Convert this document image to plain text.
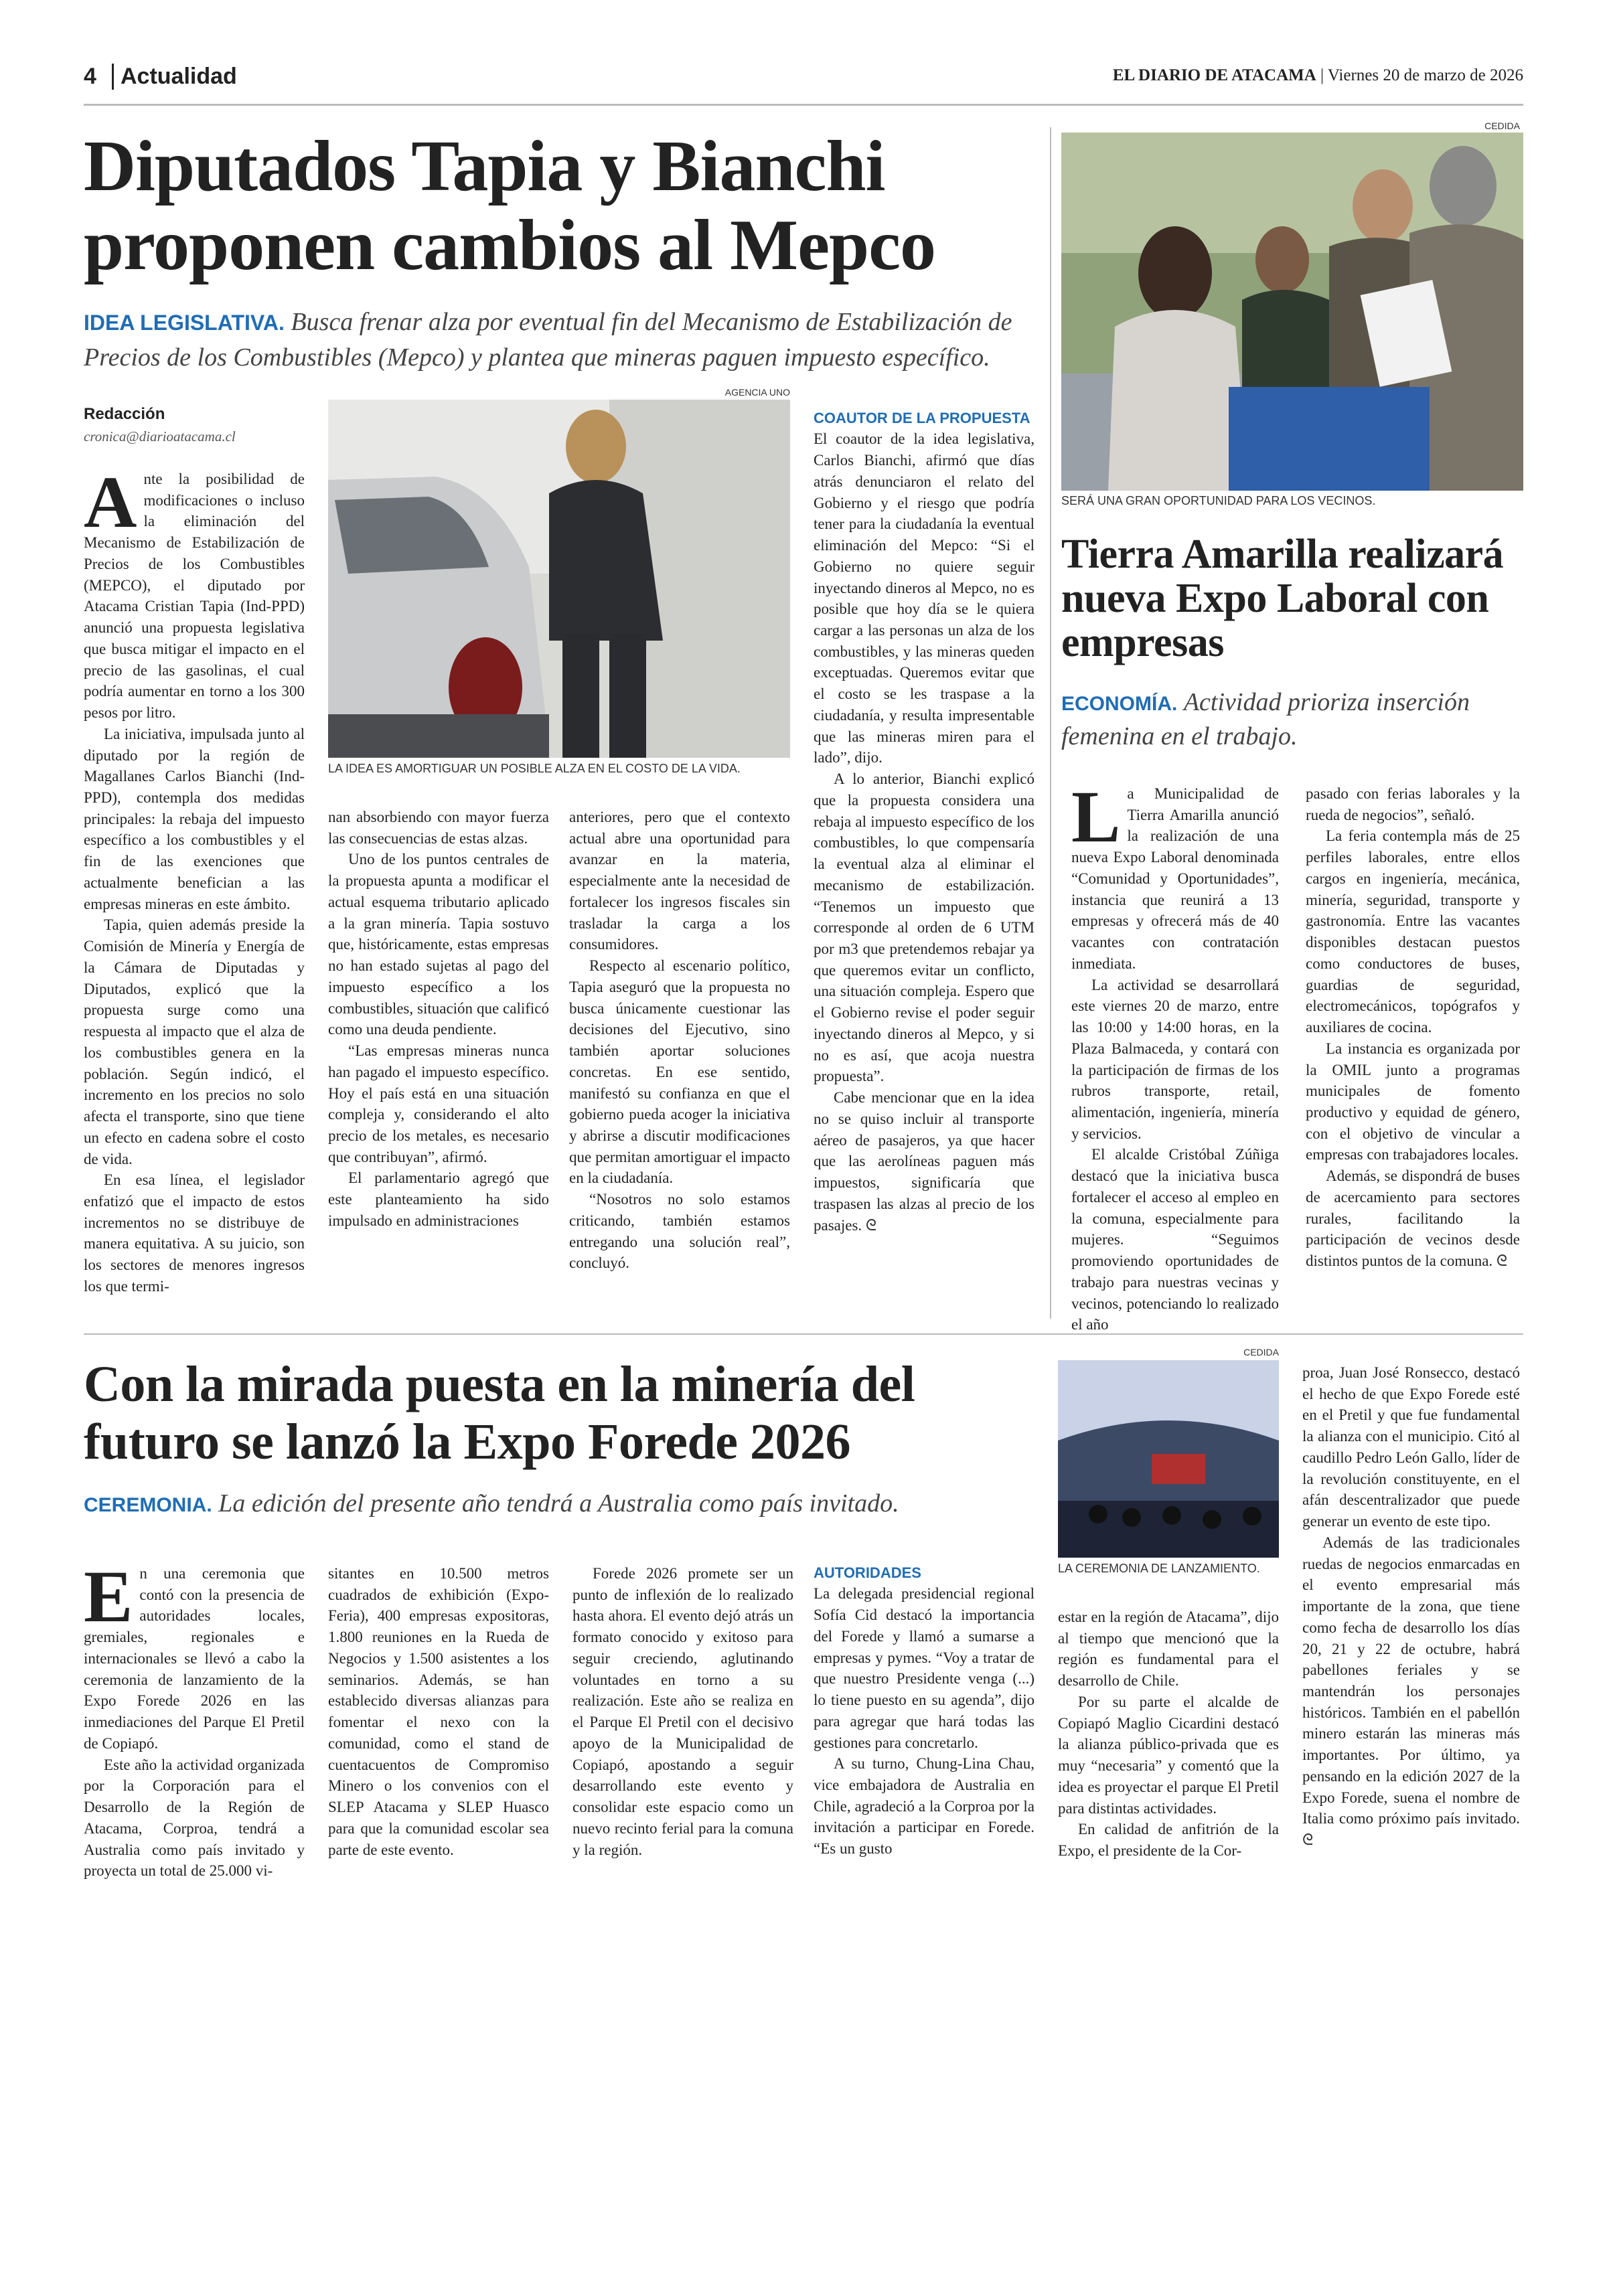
4	Actualidad	EL DIARIO DE ATACAMA | Viernes 20 de marzo de 2026
Diputados Tapia y Bianchi
proponen cambios al Mepco
IDEA LEGISLATIVA. Busca frenar alza por eventual fin del Mecanismo de Estabilización de
Precios de los Combustibles (Mepco) y plantea que mineras paguen impuesto específico.
Redacción
cronica@diarioatacama.cl
AGENCIA UNO
LA IDEA ES AMORTIGUAR UN POSIBLE ALZA EN EL COSTO DE LA VIDA.

Ante la posibilidad de modificaciones o incluso la eliminación del Mecanismo de Estabilización de Precios de los Combustibles (MEPCO), el diputado por Atacama Cristian Tapia (Ind-PPD) anunció una propuesta legislativa que busca mitigar el impacto en el precio de las gasolinas, el cual podría aumentar en torno a los 300 pesos por litro.

La iniciativa, impulsada junto al diputado por la región de Magallanes Carlos Bianchi (Ind-PPD), contempla dos medidas principales: la rebaja del impuesto específico a los combustibles y el fin de las exenciones que actualmente benefician a las empresas mineras en este ámbito.

Tapia, quien además preside la Comisión de Minería y Energía de la Cámara de Diputadas y Diputados, explicó que la propuesta surge como una respuesta al impacto que el alza de los combustibles genera en la población. Según indicó, el incremento en los precios no solo afecta el transporte, sino que tiene un efecto en cadena sobre el costo de vida.

En esa línea, el legislador enfatizó que el impacto de estos incrementos no se distribuye de manera equitativa. A su juicio, son los sectores de menores ingresos los que termi-

nan absorbiendo con mayor fuerza las consecuencias de estas alzas.

Uno de los puntos centrales de la propuesta apunta a modificar el actual esquema tributario aplicado a la gran minería. Tapia sostuvo que, históricamente, estas empresas no han estado sujetas al pago del impuesto específico a los combustibles, situación que calificó como una deuda pendiente.

“Las empresas mineras nunca han pagado el impuesto específico. Hoy el país está en una situación compleja y, considerando el alto precio de los metales, es necesario que contribuyan”, afirmó.

El parlamentario agregó que este planteamiento ha sido impulsado en administraciones

anteriores, pero que el contexto actual abre una oportunidad para avanzar en la materia, especialmente ante la necesidad de fortalecer los ingresos fiscales sin trasladar la carga a los consumidores.

Respecto al escenario político, Tapia aseguró que la propuesta no busca únicamente cuestionar las decisiones del Ejecutivo, sino también aportar soluciones concretas. En ese sentido, manifestó su confianza en que el gobierno pueda acoger la iniciativa y abrirse a discutir modificaciones que permitan amortiguar el impacto en la ciudadanía.

“Nosotros no solo estamos criticando, también estamos entregando una solución real”, concluyó.

COAUTOR DE LA PROPUESTA

El coautor de la idea legislativa, Carlos Bianchi, afirmó que días atrás denunciaron el relato del Gobierno y el riesgo que podría tener para la ciudadanía la eventual eliminación del Mepco: “Si el Gobierno no quiere seguir inyectando dineros al Mepco, no es posible que hoy día se le quiera cargar a las personas un alza de los combustibles, y las mineras queden exceptuadas. Queremos evitar que el costo se les traspase a la ciudadanía, y resulta impresentable que las mineras miren para el lado”, dijo.

A lo anterior, Bianchi explicó que la propuesta considera una rebaja al impuesto específico de los combustibles, lo que compensaría la eventual alza al eliminar el mecanismo de estabilización. “Tenemos un impuesto que corresponde al orden de 6 UTM por m3 que pretendemos rebajar ya que queremos evitar un conflicto, una situación compleja. Espero que el Gobierno revise el poder seguir inyectando dineros al Mepco, y si no es así, que acoja nuestra propuesta”.

Cabe mencionar que en la idea no se quiso incluir al transporte aéreo de pasajeros, ya que hacer que las aerolíneas paguen más impuestos, significaría que traspasen las alzas al precio de los pasajes. ᘓ

CEDIDA
SERÁ UNA GRAN OPORTUNIDAD PARA LOS VECINOS.
Tierra Amarilla realizará
nueva Expo Laboral con
empresas
ECONOMÍA. Actividad prioriza inserción
femenina en el trabajo.

La Municipalidad de Tierra Amarilla anunció la realización de una nueva Expo Laboral denominada “Comunidad y Oportunidades”, instancia que reunirá a 13 empresas y ofrecerá más de 40 vacantes con contratación inmediata.

La actividad se desarrollará este viernes 20 de marzo, entre las 10:00 y 14:00 horas, en la Plaza Balmaceda, y contará con la participación de firmas de los rubros transporte, retail, alimentación, ingeniería, minería y servicios.

El alcalde Cristóbal Zúñiga destacó que la iniciativa busca fortalecer el acceso al empleo en la comuna, especialmente para mujeres. “Seguimos promoviendo oportunidades de trabajo para nuestras vecinas y vecinos, potenciando lo realizado el año

pasado con ferias laborales y la rueda de negocios”, señaló.

La feria contempla más de 25 perfiles laborales, entre ellos cargos en ingeniería, mecánica, minería, seguridad, transporte y gastronomía. Entre las vacantes disponibles destacan puestos como conductores de buses, guardias de seguridad, electromecánicos, topógrafos y auxiliares de cocina.

La instancia es organizada por la OMIL junto a programas municipales de fomento productivo y equidad de género, con el objetivo de vincular a empresas con trabajadores locales.

Además, se dispondrá de buses de acercamiento para sectores rurales, facilitando la participación de vecinos desde distintos puntos de la comuna. ᘓ

Con la mirada puesta en la minería del
futuro se lanzó la Expo Forede 2026
CEREMONIA. La edición del presente año tendrá a Australia como país invitado.
CEDIDA
LA CEREMONIA DE LANZAMIENTO.

En una ceremonia que contó con la presencia de autoridades locales, gremiales, regionales e internacionales se llevó a cabo la ceremonia de lanzamiento de la Expo Forede 2026 en las inmediaciones del Parque El Pretil de Copiapó.

Este año la actividad organizada por la Corporación para el Desarrollo de la Región de Atacama, Corproa, tendrá a Australia como país invitado y proyecta un total de 25.000 vi-

sitantes en 10.500 metros cuadrados de exhibición (Expo-Feria), 400 empresas expositoras, 1.800 reuniones en la Rueda de Negocios y 1.500 asistentes a los seminarios. Además, se han establecido diversas alianzas para fomentar el nexo con la comunidad, como el stand de cuentacuentos de Compromiso Minero o los convenios con el SLEP Atacama y SLEP Huasco para que la comunidad escolar sea parte de este evento.

Forede 2026 promete ser un punto de inflexión de lo realizado hasta ahora. El evento dejó atrás un formato conocido y exitoso para seguir creciendo, aglutinando voluntades en torno a su realización. Este año se realiza en el Parque El Pretil con el decisivo apoyo de la Municipalidad de Copiapó, apostando a seguir desarrollando este evento y consolidar este espacio como un nuevo recinto ferial para la comuna y la región.

AUTORIDADES

La delegada presidencial regional Sofía Cid destacó la importancia del Forede y llamó a sumarse a empresas y pymes. “Voy a tratar de que nuestro Presidente venga (...) lo tiene puesto en su agenda”, dijo para agregar que hará todas las gestiones para concretarlo.

A su turno, Chung-Lina Chau, vice embajadora de Australia en Chile, agradeció a la Corproa por la invitación a participar en Forede. “Es un gusto

estar en la región de Atacama”, dijo al tiempo que mencionó que la región es fundamental para el desarrollo de Chile.

Por su parte el alcalde de Copiapó Maglio Cicardini destacó la alianza público-privada que es muy “necesaria” y comentó que la idea es proyectar el parque El Pretil para distintas actividades.

En calidad de anfitrión de la Expo, el presidente de la Cor-

proa, Juan José Ronsecco, destacó el hecho de que Expo Forede esté en el Pretil y que fue fundamental la alianza con el municipio. Citó al caudillo Pedro León Gallo, líder de la revolución constituyente, en el afán descentralizador que puede generar un evento de este tipo.

Además de las tradicionales ruedas de negocios enmarcadas en el evento empresarial más importante de la zona, que tiene como fecha de desarrollo los días 20, 21 y 22 de octubre, habrá pabellones feriales y se mantendrán los personajes históricos. También en el pabellón minero estarán las mineras más importantes. Por último, ya pensando en la edición 2027 de la Expo Forede, suena el nombre de Italia como próximo país invitado. ᘓ
